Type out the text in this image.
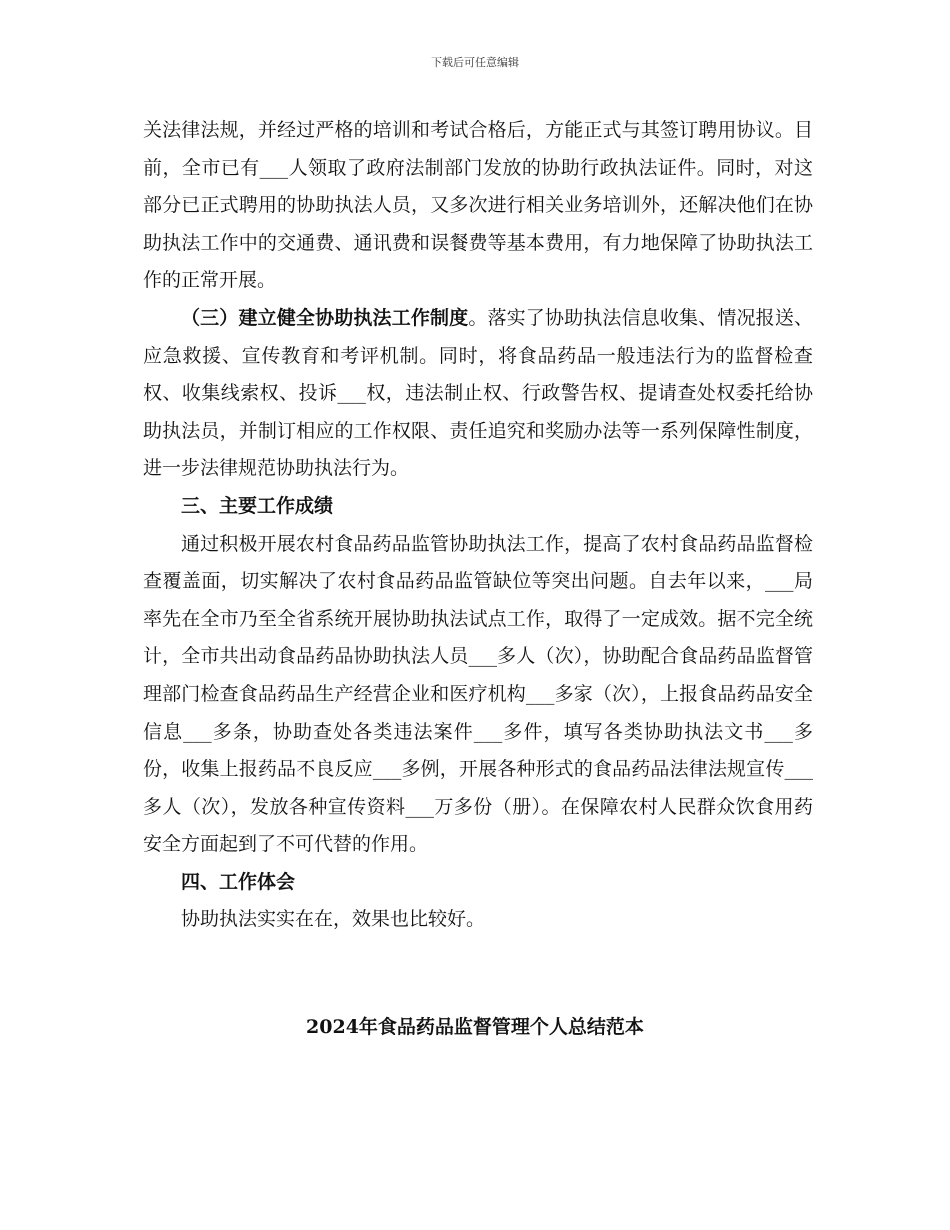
下载后可任意编辑

关法律法规，并经过严格的培训和考试合格后，方能正式与其签订聘用协议。目前，全市已有___人领取了政府法制部门发放的协助行政执法证件。同时，对这部分已正式聘用的协助执法人员，又多次进行相关业务培训外，还解决他们在协助执法工作中的交通费、通讯费和误餐费等基本费用，有力地保障了协助执法工作的正常开展。

（三）建立健全协助执法工作制度。落实了协助执法信息收集、情况报送、应急救援、宣传教育和考评机制。同时，将食品药品一般违法行为的监督检查权、收集线索权、投诉___权，违法制止权、行政警告权、提请查处权委托给协助执法员，并制订相应的工作权限、责任追究和奖励办法等一系列保障性制度，进一步法律规范协助执法行为。

三、主要工作成绩

通过积极开展农村食品药品监管协助执法工作，提高了农村食品药品监督检查覆盖面，切实解决了农村食品药品监管缺位等突出问题。自去年以来，___局率先在全市乃至全省系统开展协助执法试点工作，取得了一定成效。据不完全统计，全市共出动食品药品协助执法人员___多人（次），协助配合食品药品监督管理部门检查食品药品生产经营企业和医疗机构___多家（次），上报食品药品安全信息___多条，协助查处各类违法案件___多件，填写各类协助执法文书___多份，收集上报药品不良反应___多例，开展各种形式的食品药品法律法规宣传___多人（次），发放各种宣传资料___万多份（册）。在保障农村人民群众饮食用药安全方面起到了不可代替的作用。

四、工作体会

协助执法实实在在，效果也比较好。

2024年食品药品监督管理个人总结范本
